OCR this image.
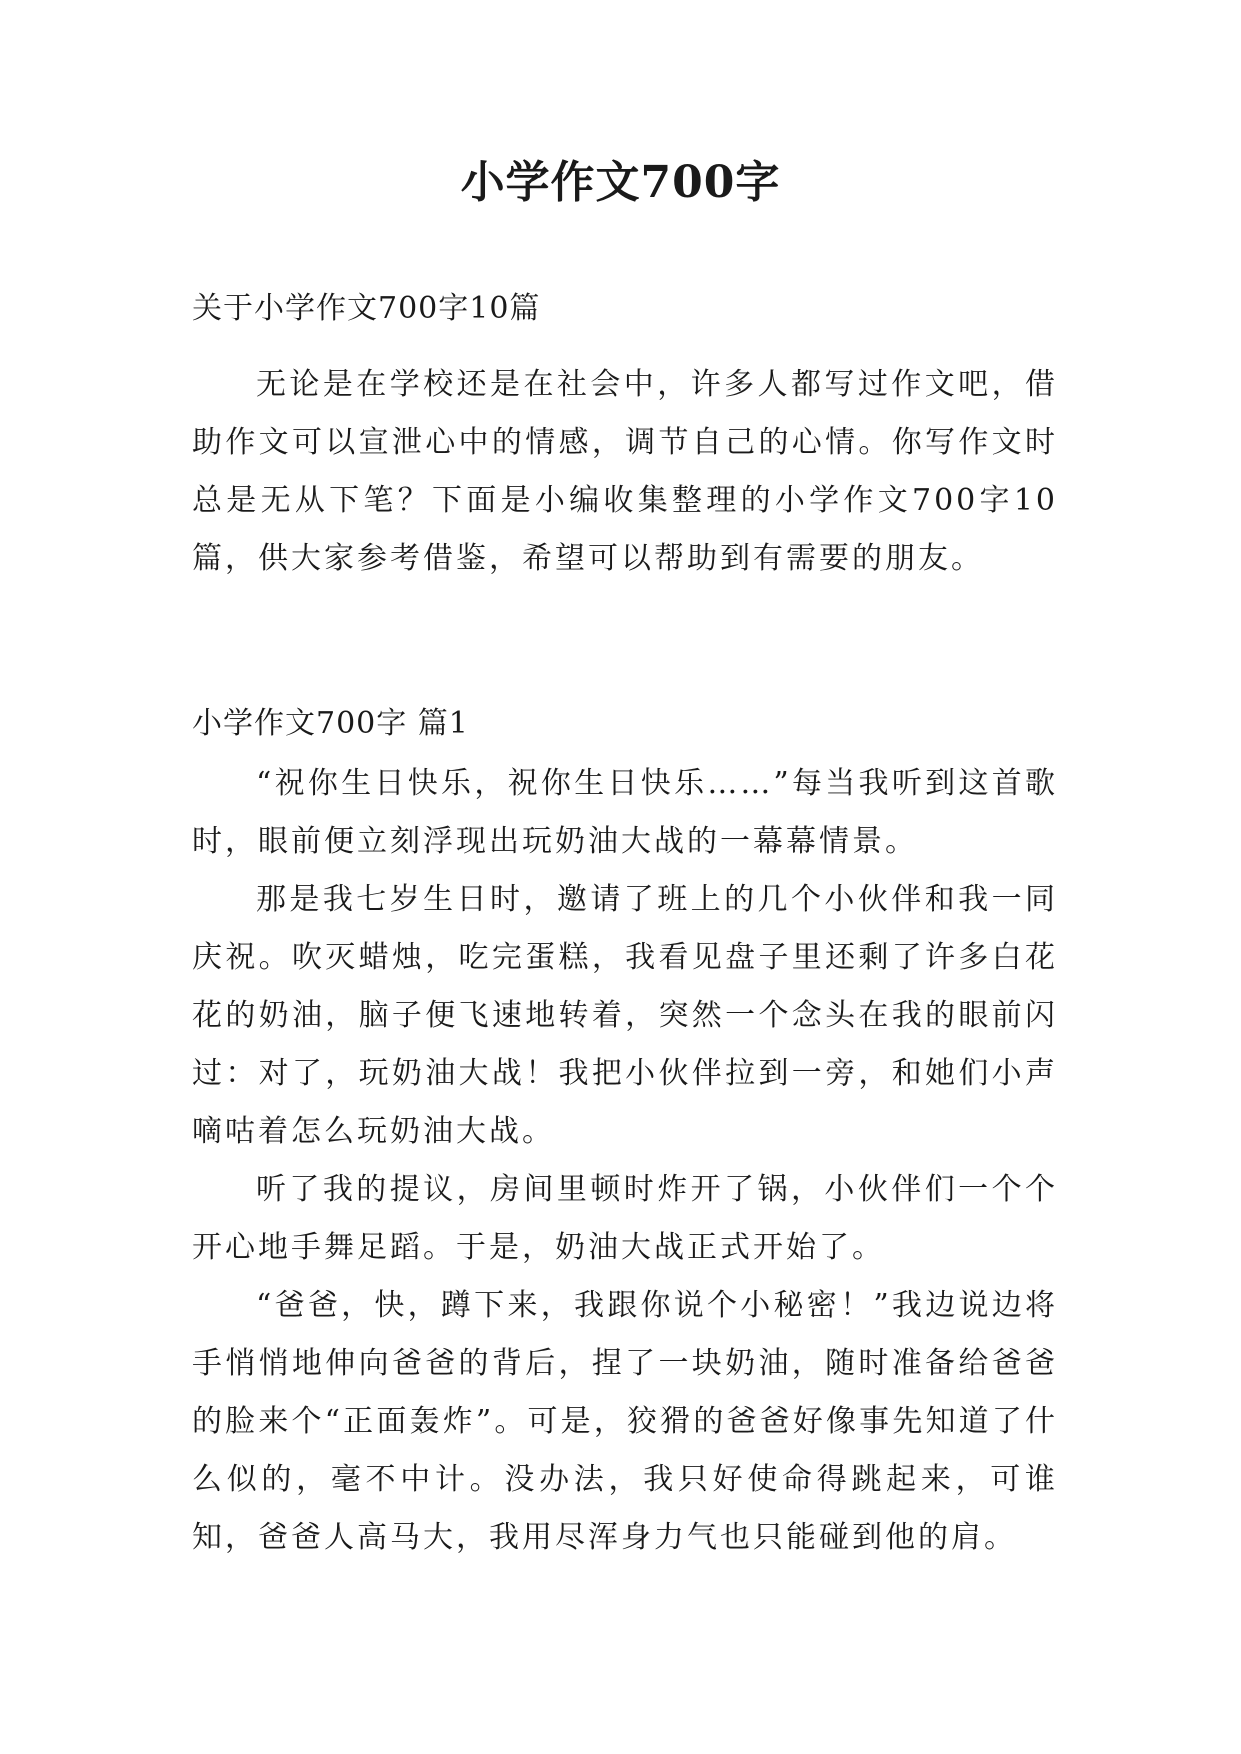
小学作文700字
关于小学作文700字10篇

无论是在学校还是在社会中，许多人都写过作文吧，借助作文可以宣泄心中的情感，调节自己的心情。你写作文时总是无从下笔？下面是小编收集整理的小学作文700字10篇，供大家参考借鉴，希望可以帮助到有需要的朋友。

小学作文700字 篇1

“祝你生日快乐，祝你生日快乐……”每当我听到这首歌时，眼前便立刻浮现出玩奶油大战的一幕幕情景。

那是我七岁生日时，邀请了班上的几个小伙伴和我一同庆祝。吹灭蜡烛，吃完蛋糕，我看见盘子里还剩了许多白花花的奶油，脑子便飞速地转着，突然一个念头在我的眼前闪过：对了，玩奶油大战！我把小伙伴拉到一旁，和她们小声嘀咕着怎么玩奶油大战。

听了我的提议，房间里顿时炸开了锅，小伙伴们一个个开心地手舞足蹈。于是，奶油大战正式开始了。

“爸爸，快，蹲下来，我跟你说个小秘密！”我边说边将手悄悄地伸向爸爸的背后，捏了一块奶油，随时准备给爸爸的脸来个“正面轰炸”。可是，狡猾的爸爸好像事先知道了什么似的，毫不中计。没办法，我只好使命得跳起来，可谁知，爸爸人高马大，我用尽浑身力气也只能碰到他的肩。
